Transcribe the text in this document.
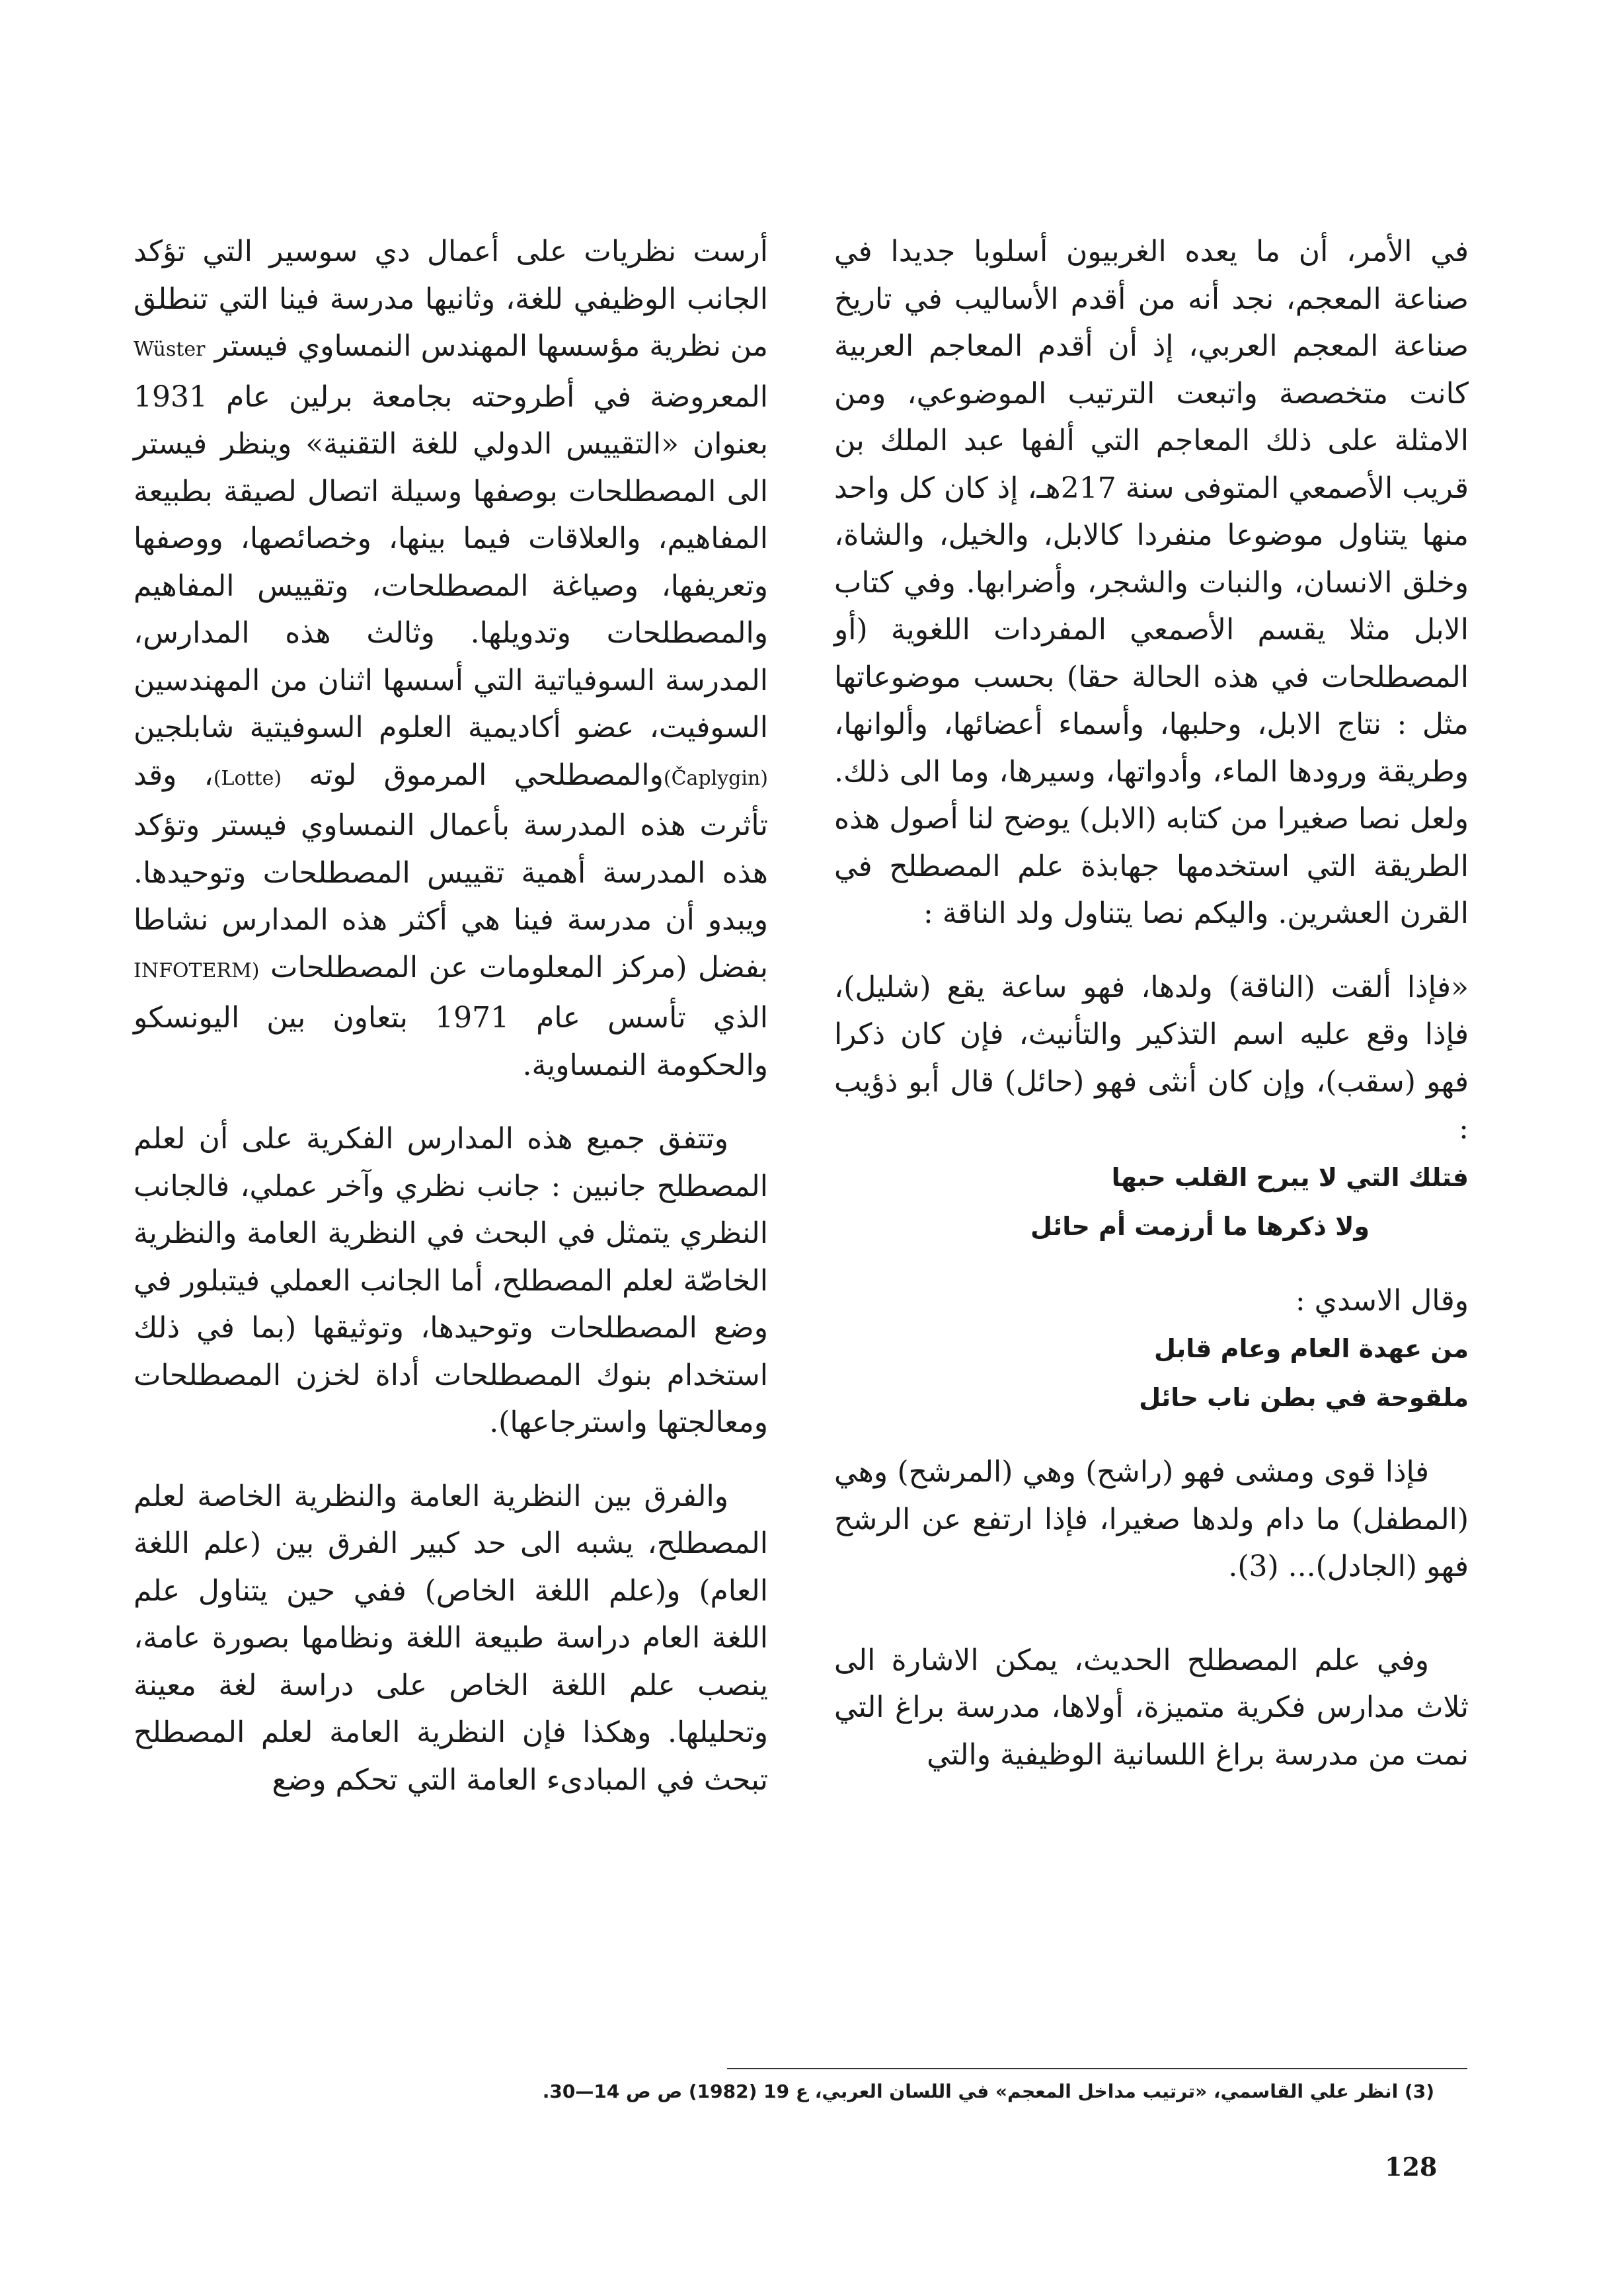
في الأمر، أن ما يعده الغربيون أسلوبا جديدا في صناعة المعجم، نجد أنه من أقدم الأساليب في تاريخ صناعة المعجم العربي، إذ أن أقدم المعاجم العربية كانت متخصصة واتبعت الترتيب الموضوعي، ومن الامثلة على ذلك المعاجم التي ألفها عبد الملك بن قريب الأصمعي المتوفى سنة 217هـ، إذ كان كل واحد منها يتناول موضوعا منفردا كالابل، والخيل، والشاة، وخلق الانسان، والنبات والشجر، وأضرابها. وفي كتاب الابل مثلا يقسم الأصمعي المفردات اللغوية (أو المصطلحات في هذه الحالة حقا) بحسب موضوعاتها مثل : نتاج الابل، وحلبها، وأسماء أعضائها، وألوانها، وطريقة ورودها الماء، وأدواتها، وسيرها، وما الى ذلك. ولعل نصا صغيرا من كتابه (الابل) يوضح لنا أصول هذه الطريقة التي استخدمها جهابذة علم المصطلح في القرن العشرين. واليكم نصا يتناول ولد الناقة :

«فإذا ألقت (الناقة) ولدها، فهو ساعة يقع (شليل)، فإذا وقع عليه اسم التذكير والتأنيث، فإن كان ذكرا فهو (سقب)، وإن كان أنثى فهو (حائل) قال أبو ذؤيب :

فتلك التي لا يبرح القلب حبها
ولا ذكرها ما أرزمت أم حائل

وقال الاسدي :

من عهدة العام وعام قابل
ملقوحة في بطن ناب حائل

فإذا قوى ومشى فهو (راشح) وهي (المرشح) وهي (المطفل) ما دام ولدها صغيرا، فإذا ارتفع عن الرشح فهو (الجادل)... (3).

وفي علم المصطلح الحديث، يمكن الاشارة الى ثلاث مدارس فكرية متميزة، أولاها، مدرسة براغ التي نمت من مدرسة براغ اللسانية الوظيفية والتي

أرست نظريات على أعمال دي سوسير التي تؤكد الجانب الوظيفي للغة، وثانيها مدرسة فينا التي تنطلق من نظرية مؤسسها المهندس النمساوي فيستر Wüster المعروضة في أطروحته بجامعة برلين عام 1931 بعنوان «التقييس الدولي للغة التقنية» وينظر فيستر الى المصطلحات بوصفها وسيلة اتصال لصيقة بطبيعة المفاهيم، والعلاقات فيما بينها، وخصائصها، ووصفها وتعريفها، وصياغة المصطلحات، وتقييس المفاهيم والمصطلحات وتدويلها. وثالث هذه المدارس، المدرسة السوفياتية التي أسسها اثنان من المهندسين السوفيت، عضو أكاديمية العلوم السوفيتية شابلجين (Čaplygin)والمصطلحي المرموق لوته (Lotte)، وقد تأثرت هذه المدرسة بأعمال النمساوي فيستر وتؤكد هذه المدرسة أهمية تقييس المصطلحات وتوحيدها. ويبدو أن مدرسة فينا هي أكثر هذه المدارس نشاطا بفضل (مركز المعلومات عن المصطلحات INFOTERM) الذي تأسس عام 1971 بتعاون بين اليونسكو والحكومة النمساوية.

وتتفق جميع هذه المدارس الفكرية على أن لعلم المصطلح جانبين : جانب نظري وآخر عملي، فالجانب النظري يتمثل في البحث في النظرية العامة والنظرية الخاصّة لعلم المصطلح، أما الجانب العملي فيتبلور في وضع المصطلحات وتوحيدها، وتوثيقها (بما في ذلك استخدام بنوك المصطلحات أداة لخزن المصطلحات ومعالجتها واسترجاعها).

والفرق بين النظرية العامة والنظرية الخاصة لعلم المصطلح، يشبه الى حد كبير الفرق بين (علم اللغة العام) و(علم اللغة الخاص) ففي حين يتناول علم اللغة العام دراسة طبيعة اللغة ونظامها بصورة عامة، ينصب علم اللغة الخاص على دراسة لغة معينة وتحليلها. وهكذا فإن النظرية العامة لعلم المصطلح تبحث في المبادىء العامة التي تحكم وضع

(3) انظر علي القاسمي، «ترتيب مداخل المعجم» في اللسان العربي، ع 19 (1982) ص ص 14—30.
128
